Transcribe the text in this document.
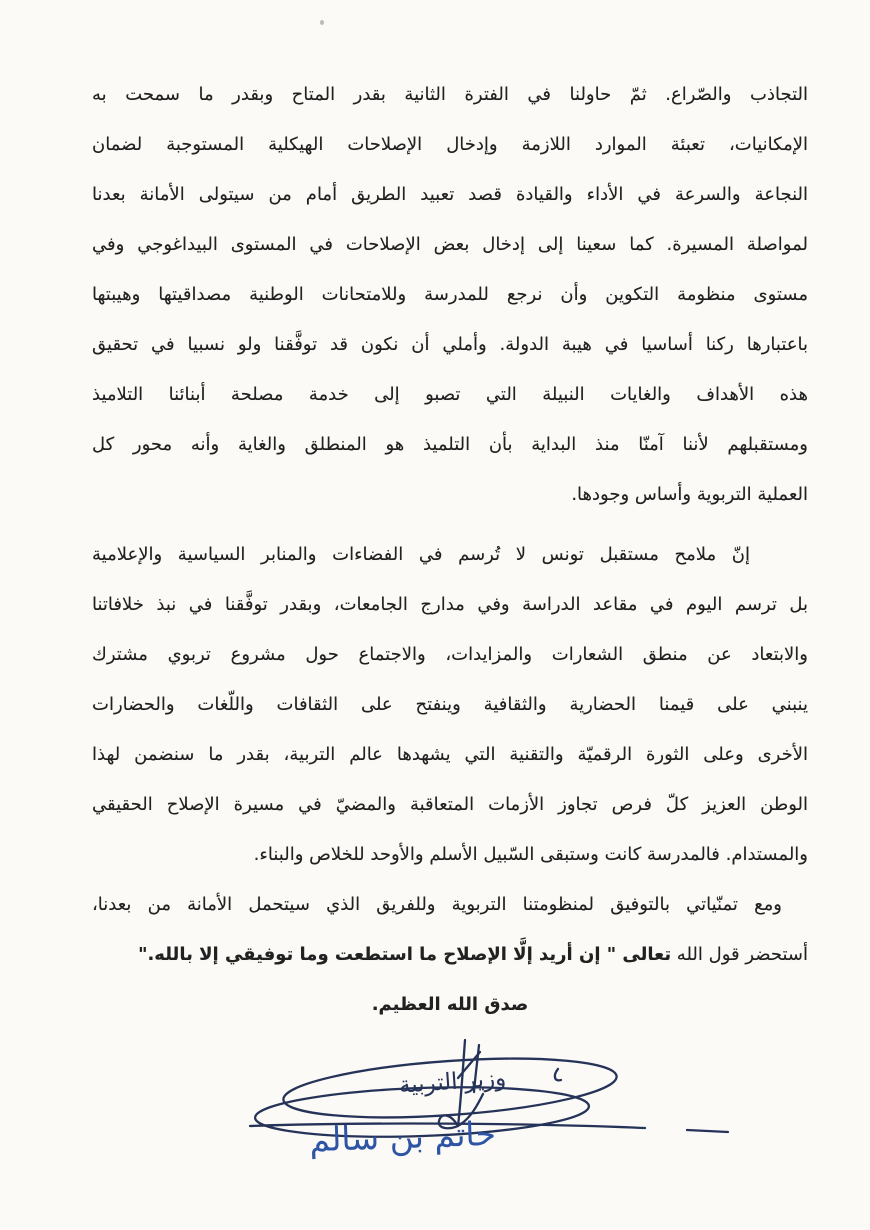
التجاذب والصّراع. ثمّ حاولنا في الفترة الثانية بقدر المتاح وبقدر ما سمحت به
الإمكانيات، تعبئة الموارد اللازمة وإدخال الإصلاحات الهيكلية المستوجبة لضمان
النجاعة والسرعة في الأداء والقيادة قصد تعبيد الطريق أمام من سيتولى الأمانة بعدنا
لمواصلة المسيرة. كما سعينا إلى إدخال بعض الإصلاحات في المستوى البيداغوجي وفي
مستوى منظومة التكوين وأن نرجع للمدرسة وللامتحانات الوطنية مصداقيتها وهيبتها
باعتبارها ركنا أساسيا في هيبة الدولة. وأملي أن نكون قد توفَّقنا ولو نسبيا في تحقيق
هذه الأهداف والغايات النبيلة التي تصبو إلى خدمة مصلحة أبنائنا التلاميذ
ومستقبلهم لأننا آمنّا منذ البداية بأن التلميذ هو المنطلق والغاية وأنه محور كل
العملية التربوية وأساس وجودها.
إنّ ملامح مستقبل تونس لا تُرسم في الفضاءات والمنابر السياسية والإعلامية
بل ترسم اليوم في مقاعد الدراسة وفي مدارج الجامعات، وبقدر توفَّقنا في نبذ خلافاتنا
والابتعاد عن منطق الشعارات والمزايدات، والاجتماع حول مشروع تربوي مشترك
ينبني على قيمنا الحضارية والثقافية وينفتح على الثقافات واللّغات والحضارات
الأخرى وعلى الثورة الرقميّة والتقنية التي يشهدها عالم التربية، بقدر ما سنضمن لهذا
الوطن العزيز كلّ فرص تجاوز الأزمات المتعاقبة والمضيّ في مسيرة الإصلاح الحقيقي
والمستدام. فالمدرسة كانت وستبقى السّبيل الأسلم والأوحد للخلاص والبناء.
ومع تمنّياتي بالتوفيق لمنظومتنا التربوية وللفريق الذي سيتحمل الأمانة من بعدنا،
أستحضر قول الله تعالى " إن أريد إلَّا الإصلاح ما استطعت وما توفيقي إلا بالله."
صدق الله العظيم.
وزير التربية
حاتم بن سالم
